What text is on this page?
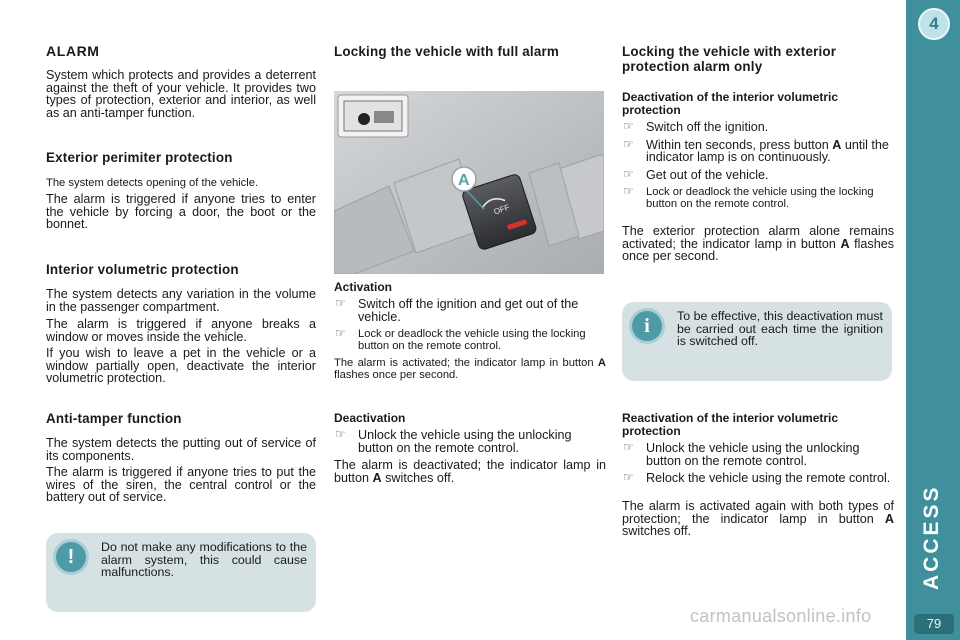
ALARM

System which protects and provides a deterrent against the theft of your vehicle. It provides two types of protection, exterior and interior, as well as an anti-tamper function.

Exterior perimiter protection

The system detects opening of the vehicle.

The alarm is triggered if anyone tries to enter the vehicle by forcing a door, the boot or the bonnet.

Interior volumetric protection

The system detects any variation in the volume in the passenger compartment.

The alarm is triggered if anyone breaks a window or moves inside the vehicle.

If you wish to leave a pet in the vehicle or a window partially open, deactivate the interior volumetric protection.

Anti-tamper function

The system detects the putting out of service of its components.

The alarm is triggered if anyone tries to put the wires of the siren, the central control or the battery out of service.

!	Do not make any modifications to the alarm system, this could cause malfunctions.

Locking the vehicle with full alarm
OFF
A
Activation
☞ Switch off the ignition and get out of the vehicle.
☞ Lock or deadlock the vehicle using the locking button on the remote control.

The alarm is activated; the indicator lamp in button A flashes once per second.

Deactivation
☞ Unlock the vehicle using the unlocking button on the remote control.

The alarm is deactivated; the indicator lamp in button A switches off.

Locking the vehicle with exterior protection alarm only
Deactivation of the interior volumetric protection
☞ Switch off the ignition.
☞ Within ten seconds, press button A until the indicator lamp is on continuously.
☞ Get out of the vehicle.
☞ Lock or deadlock the vehicle using the locking button on the remote control.

The exterior protection alarm alone remains activated; the indicator lamp in button A flashes once per second.

Reactivation of the interior volumetric protection
☞ Unlock the vehicle using the unlocking button on the remote control.
☞ Relock the vehicle using the remote control.

The alarm is activated again with both types of protection; the indicator lamp in button A switches off.

i	To be effective, this deactivation must be carried out each time the ignition is switched off.

4
ACCESS
79
carmanualsonline.info
